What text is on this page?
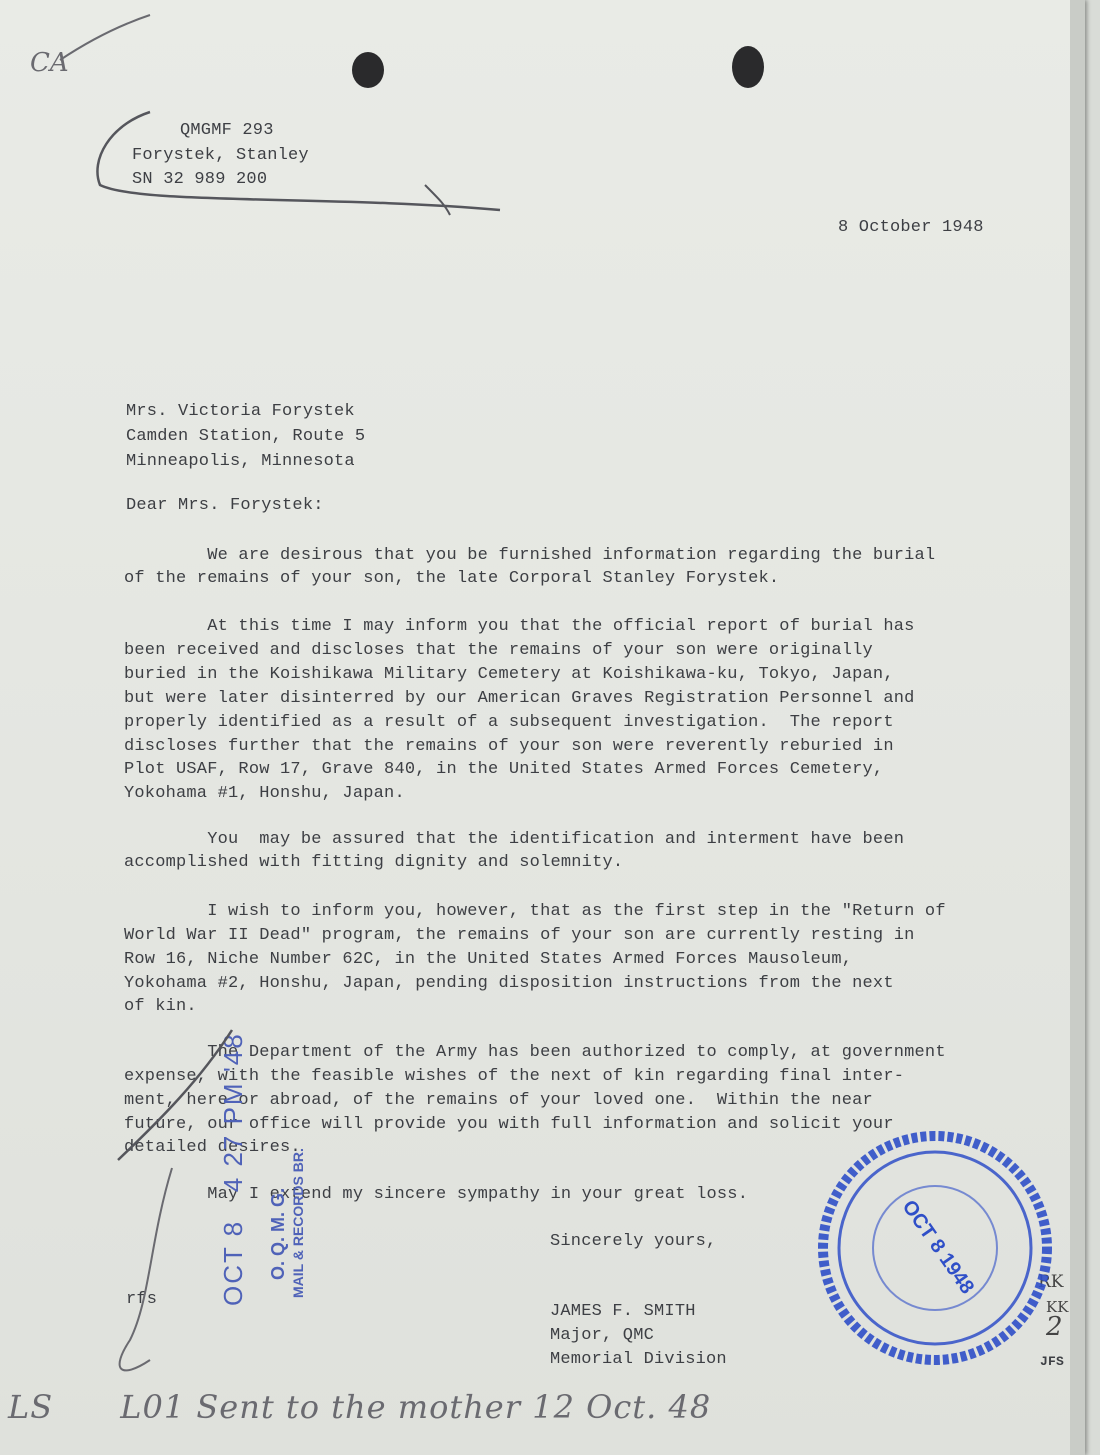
CA
QMGMF 293
Forystek, Stanley
SN 32 989 200
8 October 1948
Mrs. Victoria Forystek
Camden Station, Route 5
Minneapolis, Minnesota
Dear Mrs. Forystek:
We are desirous that you be furnished information regarding the burial
of the remains of your son, the late Corporal Stanley Forystek.
At this time I may inform you that the official report of burial has
been received and discloses that the remains of your son were originally
buried in the Koishikawa Military Cemetery at Koishikawa-ku, Tokyo, Japan,
but were later disinterred by our American Graves Registration Personnel and
properly identified as a result of a subsequent investigation.  The report
discloses further that the remains of your son were reverently reburied in
Plot USAF, Row 17, Grave 840, in the United States Armed Forces Cemetery,
Yokohama #1, Honshu, Japan.
You  may be assured that the identification and interment have been
accomplished with fitting dignity and solemnity.
I wish to inform you, however, that as the first step in the "Return of
World War II Dead" program, the remains of your son are currently resting in
Row 16, Niche Number 62C, in the United States Armed Forces Mausoleum,
Yokohama #2, Honshu, Japan, pending disposition instructions from the next
of kin.
The Department of the Army has been authorized to comply, at government
expense, with the feasible wishes of the next of kin regarding final inter-
ment, here or abroad, of the remains of your loved one.  Within the near
future, our office will provide you with full information and solicit your
detailed desires.
May I extend my sincere sympathy in your great loss.
Sincerely yours,
rfs
JAMES F. SMITH
Major, QMC
Memorial Division
RK
KK
2
JFS
OCT 8   4 27 PM '48 O. Q. M. G. MAIL & RECORDS BR.	OCT 8 1948
LS      L01 Sent to the mother 12 Oct. 48
